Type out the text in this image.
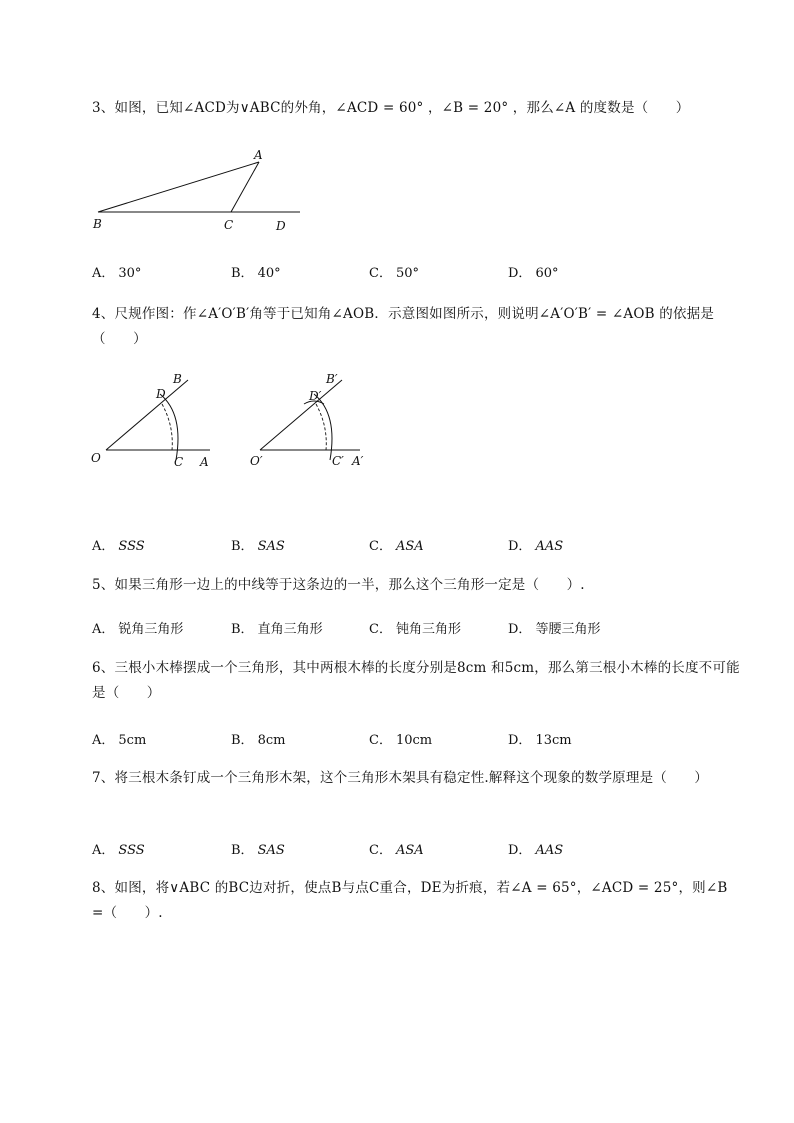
3、如图，已知∠ACD为∨ABC的外角，∠ACD = 60° ，∠B = 20° ，那么∠A 的度数是（　　）
A
B	C	D
A． 30°	B． 40°	C． 50°	D． 60°
4、尺规作图：作∠A′O′B′角等于已知角∠AOB．示意图如图所示，则说明∠A′O′B′ = ∠AOB 的依据是（　　）
O	C A
D
B
O′	C′ A′
D′
B′
A． SSS	B． SAS	C． ASA	D． AAS
5、如果三角形一边上的中线等于这条边的一半，那么这个三角形一定是（　　）.
A． 锐角三角形	B． 直角三角形	C． 钝角三角形	D． 等腰三角形
6、三根小木棒摆成一个三角形，其中两根木棒的长度分别是8cm 和5cm，那么第三根小木棒的长度不可能是（　　）
A． 5cm	B． 8cm	C． 10cm	D． 13cm
7、将三根木条钉成一个三角形木架，这个三角形木架具有稳定性.解释这个现象的数学原理是（　　）
A． SSS	B． SAS	C． ASA	D． AAS
8、如图，将∨ABC 的BC边对折，使点B与点C重合，DE为折痕，若∠A = 65°，∠ACD = 25°，则∠B =（　　）.
